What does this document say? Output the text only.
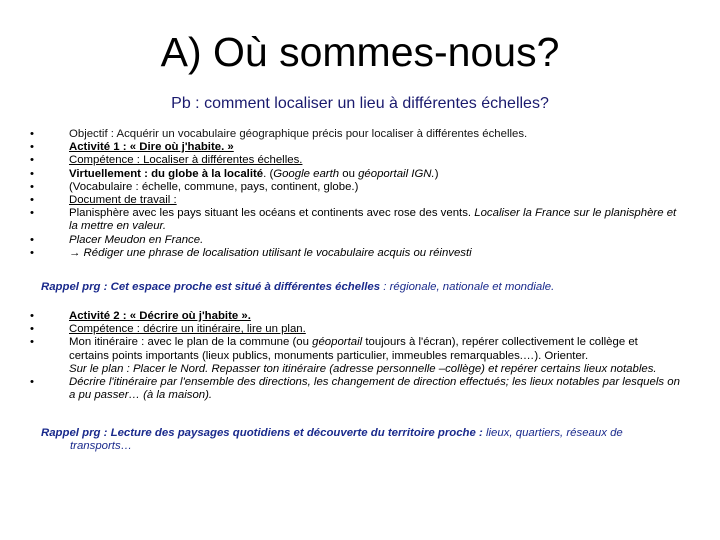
A) Où sommes-nous?
Pb : comment localiser un lieu à différentes échelles?
•	Objectif : Acquérir un vocabulaire géographique précis pour localiser à différentes échelles.
•	Activité 1 : « Dire où j'habite. »
•	Compétence : Localiser à différentes échelles.
•	Virtuellement : du globe à la localité. (Google earth ou géoportail IGN.)
•	(Vocabulaire : échelle, commune, pays, continent, globe.)
•	Document de travail :
•	Planisphère avec les pays situant les océans et continents avec rose des vents. Localiser la France sur le planisphère et la mettre en valeur.
•	Placer Meudon en France.
•	→ Rédiger une phrase de localisation utilisant le vocabulaire acquis ou réinvesti
Rappel prg : Cet espace proche est situé à différentes échelles : régionale, nationale et mondiale.
•	Activité 2 : « Décrire où j'habite ».
•	Compétence : décrire un itinéraire, lire un plan.
•	Mon itinéraire : avec le plan de la commune (ou géoportail toujours à l'écran), repérer collectivement le collège et certains points importants (lieux publics, monuments particulier, immeubles remarquables.…). Orienter.
Sur le plan : Placer le Nord. Repasser ton itinéraire (adresse personnelle –collège) et repérer certains lieux notables.
•	Décrire l'itinéraire par l'ensemble des directions, les changement de direction effectués; les lieux notables par lesquels on a pu passer… (à la maison).
Rappel prg : Lecture des paysages quotidiens et découverte du territoire proche : lieux, quartiers, réseaux de
transports…
